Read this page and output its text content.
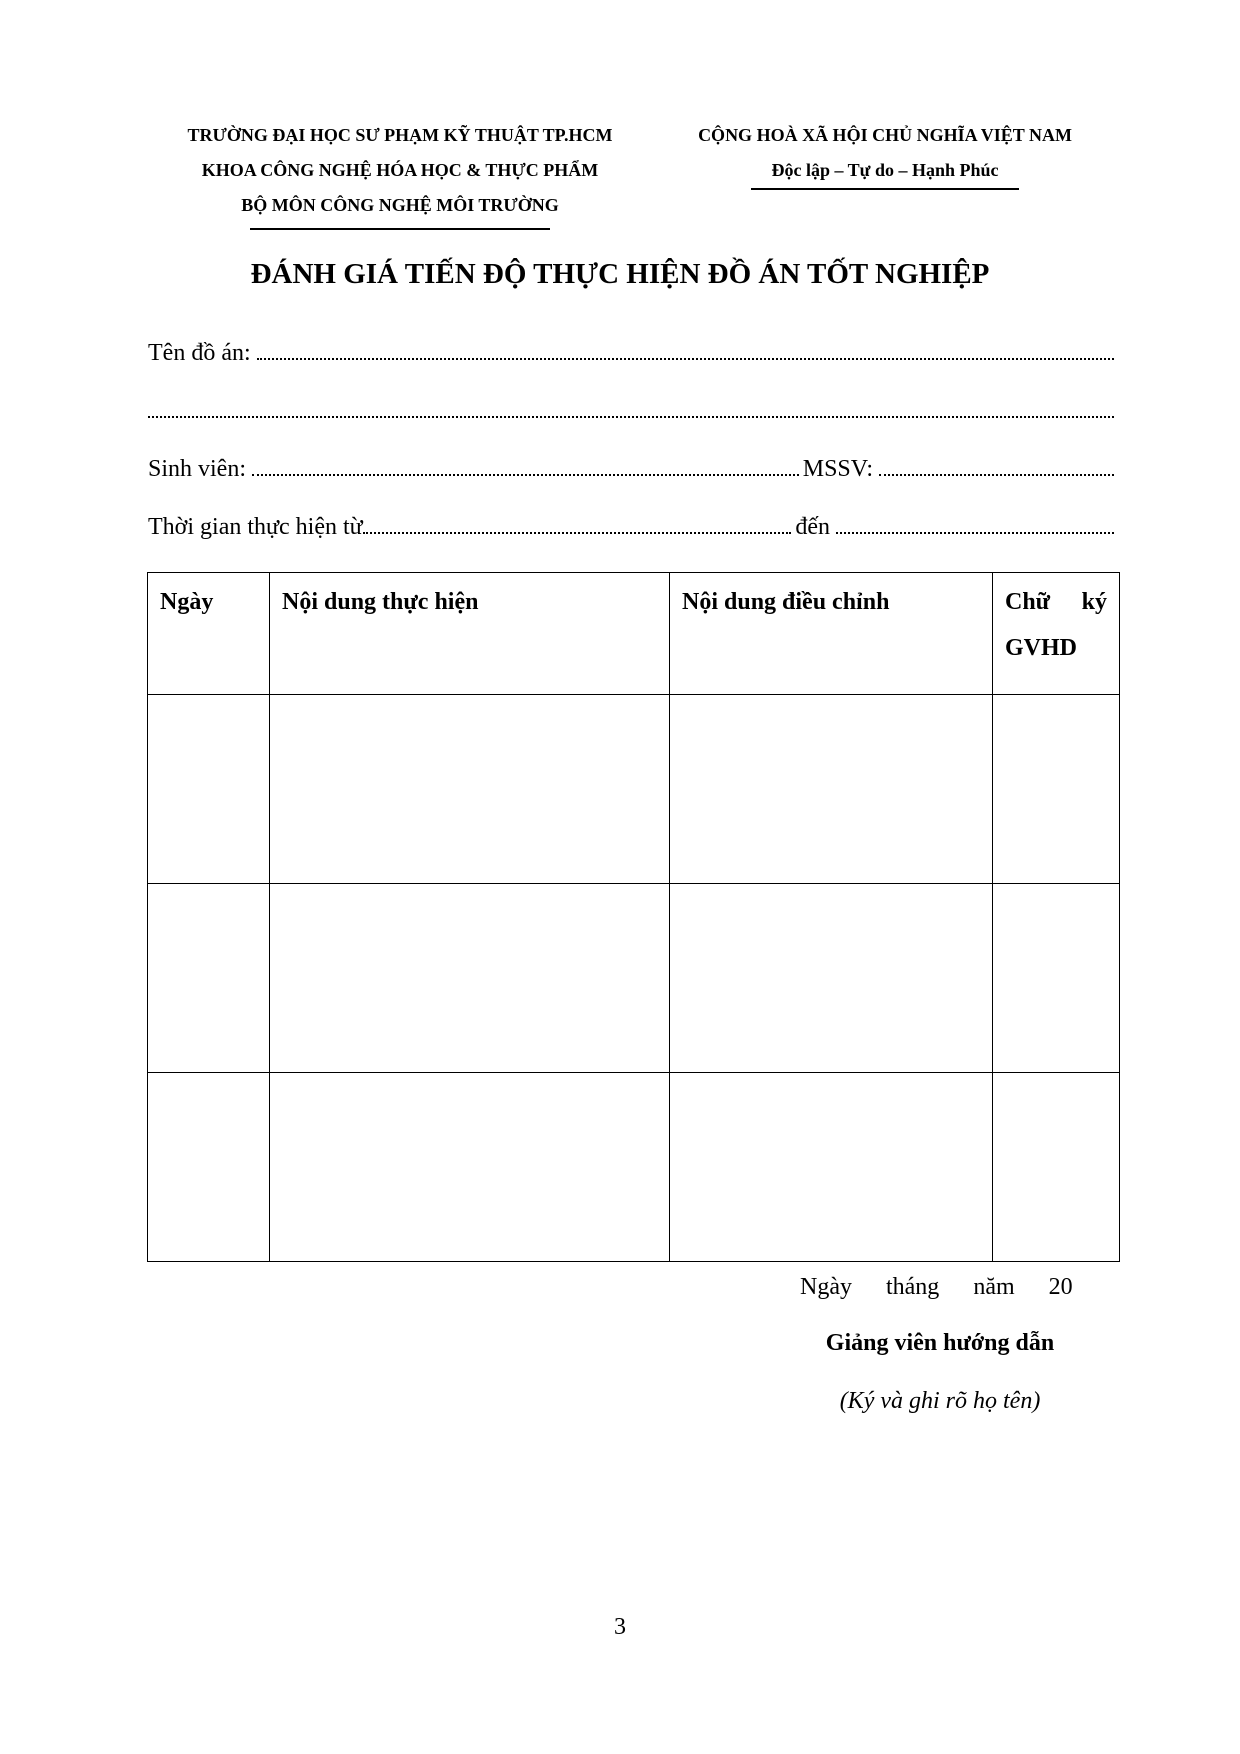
TRƯỜNG ĐẠI HỌC SƯ PHẠM KỸ THUẬT TP.HCM
KHOA CÔNG NGHỆ HÓA HỌC & THỰC PHẨM
BỘ MÔN CÔNG NGHỆ MÔI TRƯỜNG
CỘNG HOÀ XÃ HỘI CHỦ NGHĨA VIỆT NAM
Độc lập – Tự do – Hạnh Phúc
ĐÁNH GIÁ TIẾN ĐỘ THỰC HIỆN ĐỒ ÁN TỐT NGHIỆP
Tên đồ án:
Sinh viên:	MSSV:
Thời gian thực hiện từ	đến
Ngày	Nội dung thực hiện	Nội dung điều chỉnh	Chữ ký
GVHD

Ngày tháng năm 20
Giảng viên hướng dẫn
(Ký và ghi rõ họ tên)
3
